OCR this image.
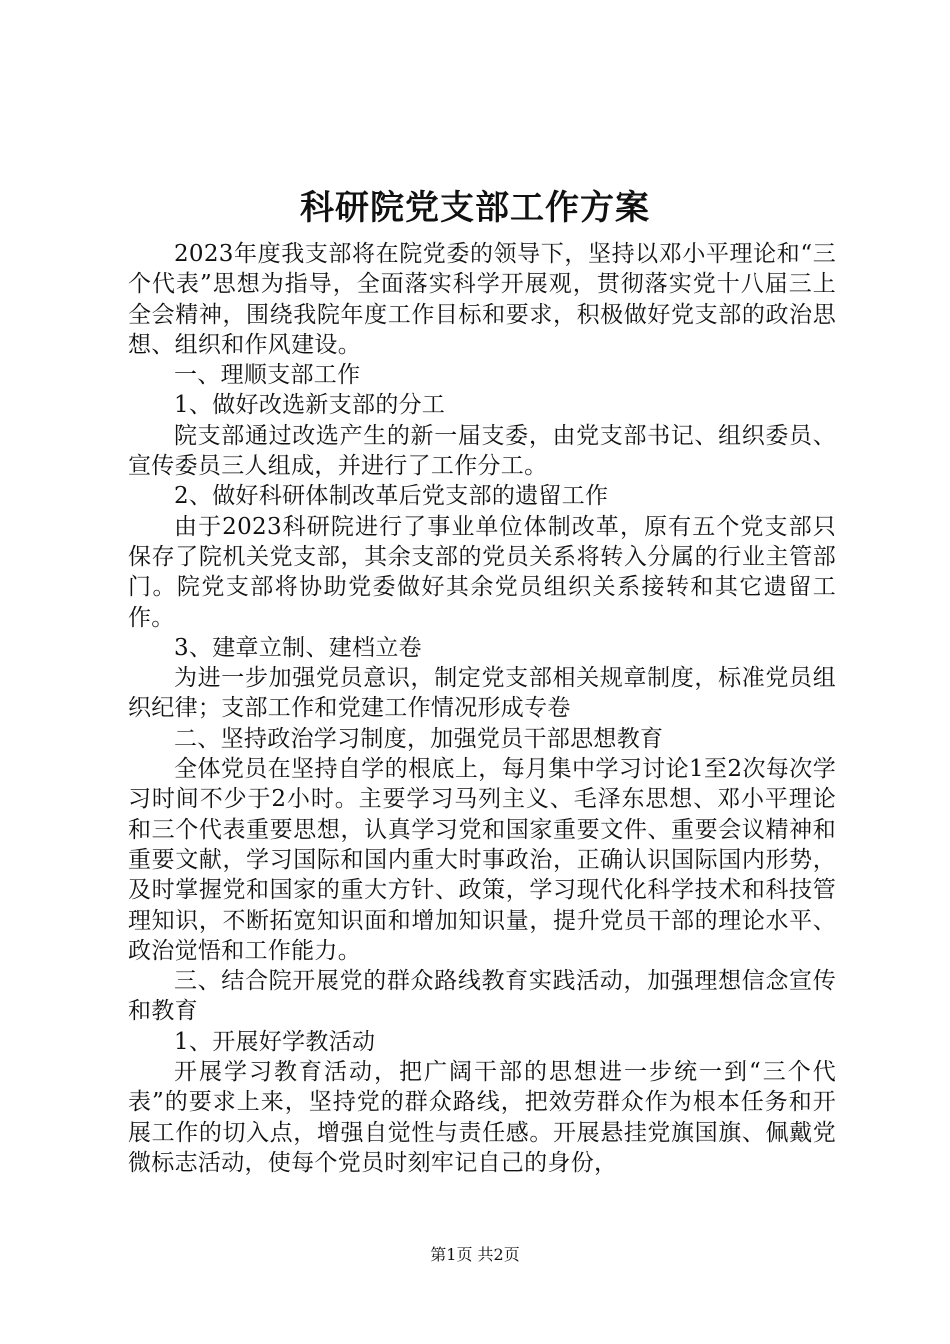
科研院党支部工作方案

2023年度我支部将在院党委的领导下，坚持以邓小平理论和“三个代表”思想为指导，全面落实科学开展观，贯彻落实党十八届三上全会精神，围绕我院年度工作目标和要求，积极做好党支部的政治思想、组织和作风建设。

一、理顺支部工作

1、做好改选新支部的分工

院支部通过改选产生的新一届支委，由党支部书记、组织委员、宣传委员三人组成，并进行了工作分工。

2、做好科研体制改革后党支部的遗留工作

由于2023科研院进行了事业单位体制改革，原有五个党支部只保存了院机关党支部，其余支部的党员关系将转入分属的行业主管部门。院党支部将协助党委做好其余党员组织关系接转和其它遗留工作。

3、建章立制、建档立卷

为进一步加强党员意识，制定党支部相关规章制度，标准党员组织纪律；支部工作和党建工作情况形成专卷

二、坚持政治学习制度，加强党员干部思想教育

全体党员在坚持自学的根底上，每月集中学习讨论1至2次每次学习时间不少于2小时。主要学习马列主义、毛泽东思想、邓小平理论和三个代表重要思想，认真学习党和国家重要文件、重要会议精神和重要文献，学习国际和国内重大时事政治，正确认识国际国内形势，及时掌握党和国家的重大方针、政策，学习现代化科学技术和科技管理知识，不断拓宽知识面和增加知识量，提升党员干部的理论水平、政治觉悟和工作能力。

三、结合院开展党的群众路线教育实践活动，加强理想信念宣传和教育

1、开展好学教活动

开展学习教育活动，把广阔干部的思想进一步统一到“三个代表”的要求上来，坚持党的群众路线，把效劳群众作为根本任务和开展工作的切入点，增强自觉性与责任感。开展悬挂党旗国旗、佩戴党微标志活动，使每个党员时刻牢记自己的身份，

第1页 共2页
